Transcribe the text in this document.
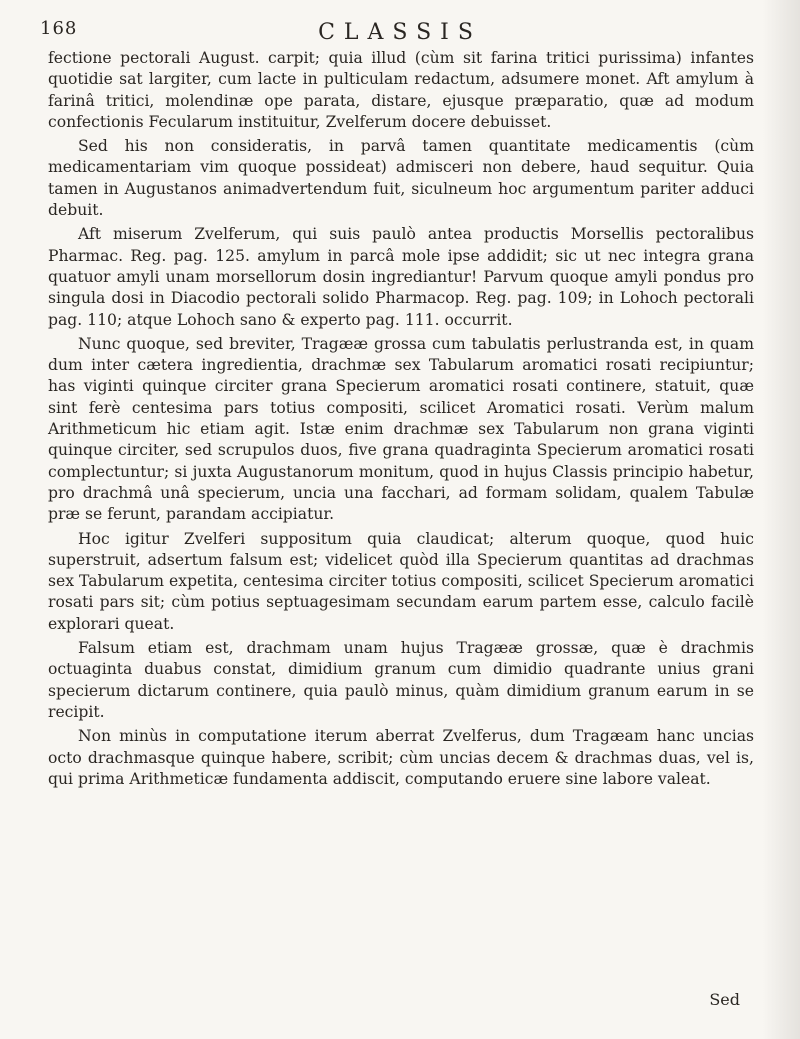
168	CLASSIS

fectione pectorali August. carpit; quia illud (cùm sit farina tritici purissima) infantes quotidie sat largiter, cum lacte in pulticulam redactum, adsumere monet. Aft amylum à farinâ tritici, molendinæ ope parata, distare, ejusque præparatio, quæ ad modum confectionis Fecularum instituitur, Zvelferum docere debuisset.

Sed his non consideratis, in parvâ tamen quantitate medicamentis (cùm medicamentariam vim quoque possideat) admisceri non debere, haud sequitur. Quia tamen in Augustanos animadvertendum fuit, siculneum hoc argumentum pariter adduci debuit.

Aft miserum Zvelferum, qui suis paulò antea productis Morsellis pectoralibus Pharmac. Reg. pag. 125. amylum in parcâ mole ipse addidit; sic ut nec integra grana quatuor amyli unam morsellorum dosin ingrediantur! Parvum quoque amyli pondus pro singula dosi in Diacodio pectorali solido Pharmacop. Reg. pag. 109; in Lohoch pectorali pag. 110; atque Lohoch sano & experto pag. 111. occurrit.

Nunc quoque, sed breviter, Tragææ grossa cum tabulatis perlustranda est, in quam dum inter cætera ingredientia, drachmæ sex Tabularum aromatici rosati recipiuntur; has viginti quinque circiter grana Specierum aromatici rosati continere, statuit, quæ sint ferè centesima pars totius compositi, scilicet Aromatici rosati. Verùm malum Arithmeticum hic etiam agit. Istæ enim drachmæ sex Tabularum non grana viginti quinque circiter, sed scrupulos duos, five grana quadraginta Specierum aromatici rosati complectuntur; si juxta Augustanorum monitum, quod in hujus Classis principio habetur, pro drachmâ unâ specierum, uncia una facchari, ad formam solidam, qualem Tabulæ præ se ferunt, parandam accipiatur.

Hoc igitur Zvelferi suppositum quia claudicat; alterum quoque, quod huic superstruit, adsertum falsum est; videlicet quòd illa Specierum quantitas ad drachmas sex Tabularum expetita, centesima circiter totius compositi, scilicet Specierum aromatici rosati pars sit; cùm potius septuagesimam secundam earum partem esse, calculo facilè explorari queat.

Falsum etiam est, drachmam unam hujus Tragææ grossæ, quæ è drachmis octuaginta duabus constat, dimidium granum cum dimidio quadrante unius grani specierum dictarum continere, quia paulò minus, quàm dimidium granum earum in se recipit.

Non minùs in computatione iterum aberrat Zvelferus, dum Tragæam hanc uncias octo drachmasque quinque habere, scribit; cùm uncias decem & drachmas duas, vel is, qui prima Arithmeticæ fundamenta addiscit, computando eruere sine labore valeat.

Sed
